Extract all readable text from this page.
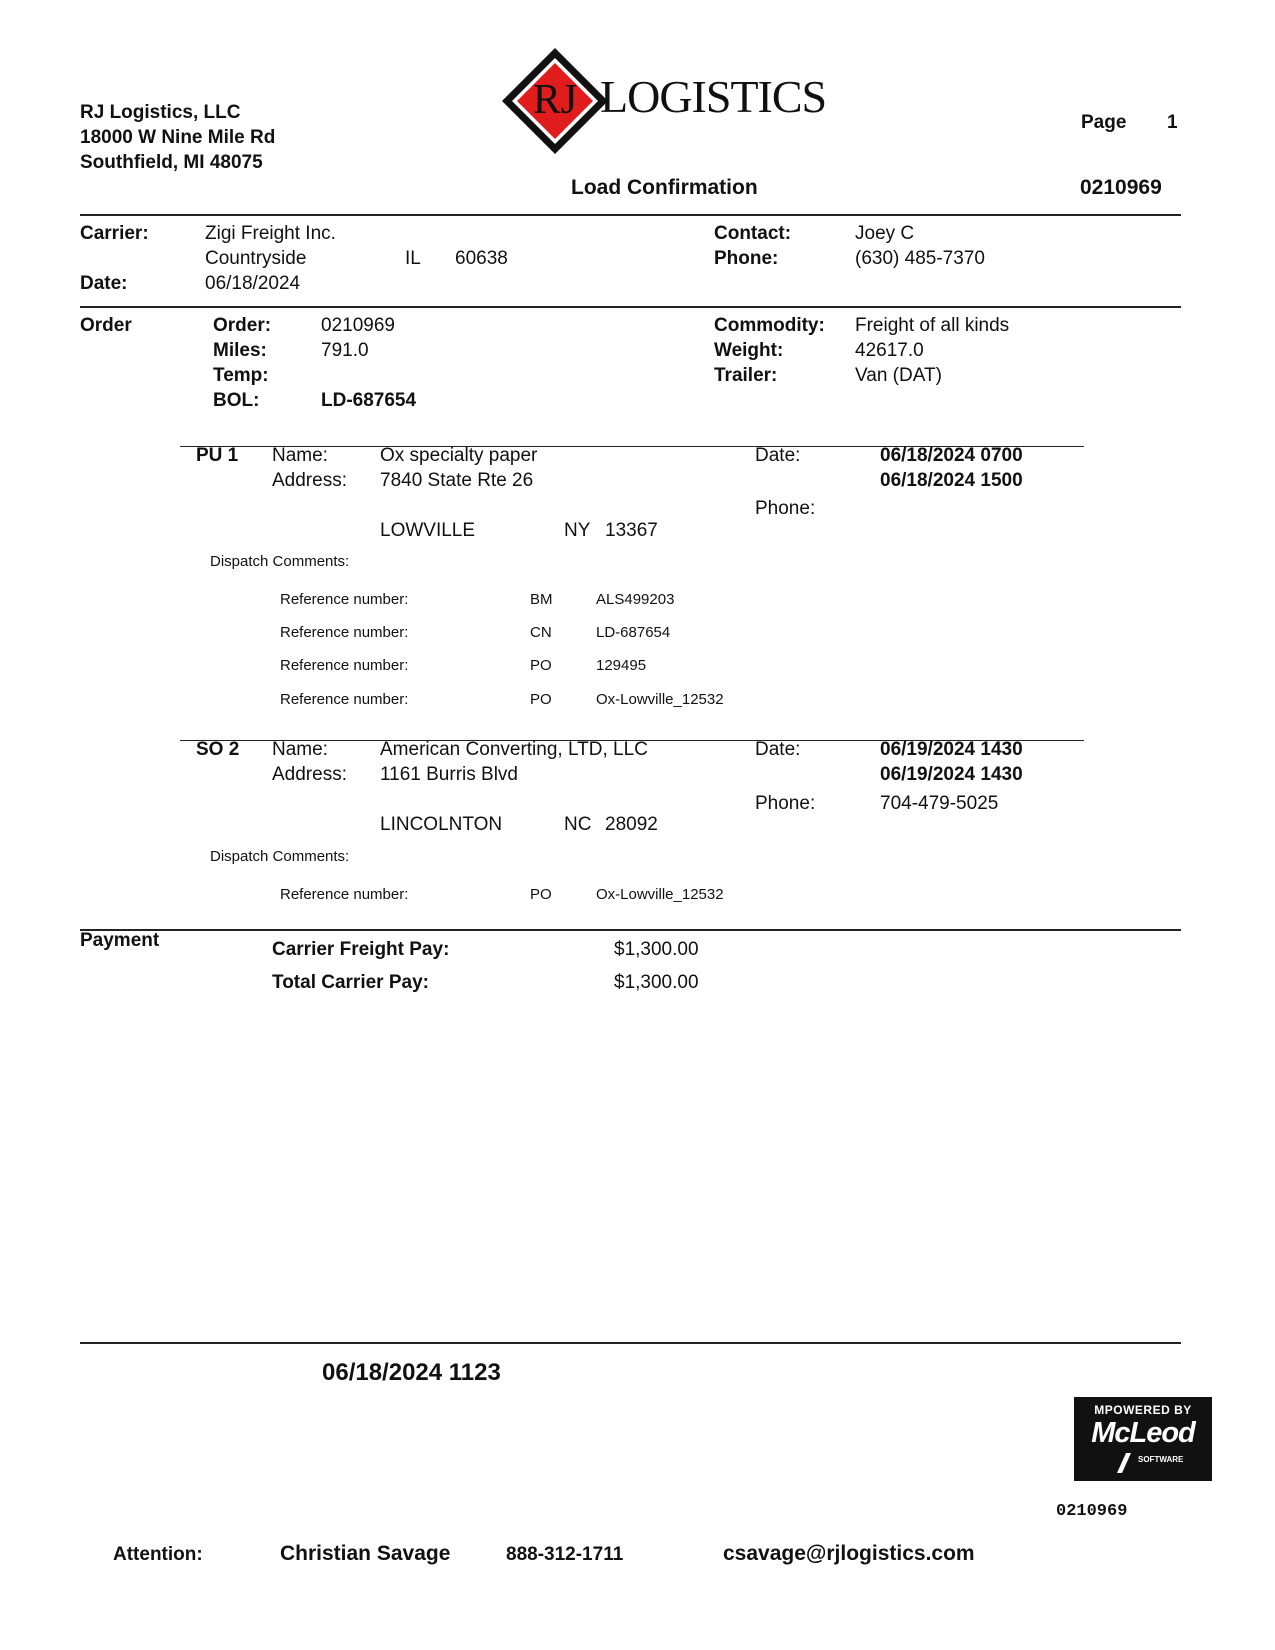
RJ Logistics, LLC
18000 W Nine Mile Rd
Southfield, MI 48075
RJ LOGISTICS
Page 1
Load Confirmation	0210969
Carrier:	Zigi Freight Inc.
Countryside	IL 60638
Date:	06/18/2024
Contact:	Joey C
Phone:	(630) 485-7370
Order	Order:	0210969
Miles:	791.0
Temp:
BOL:	LD-687654
Commodity: Freight of all kinds
Weight:	42617.0
Trailer:	Van (DAT)
PU 1 Name:	Ox specialty paper
Address: 7840 State Rte 26
LOWVILLE	NY 13367
Date:	06/18/2024 0700
06/18/2024 1500
Phone:
Dispatch Comments:
Reference number:	BM	ALS499203
Reference number:	CN	LD-687654
Reference number:	PO	129495
Reference number:	PO	Ox-Lowville_12532
SO 2 Name:	American Converting, LTD, LLC
Address: 1161 Burris Blvd
LINCOLNTON	NC 28092
Date:	06/19/2024 1430
06/19/2024 1430
Phone:	704-479-5025
Dispatch Comments:
Reference number:	PO	Ox-Lowville_12532
Payment	Carrier Freight Pay:	$1,300.00
Total Carrier Pay:	$1,300.00
06/18/2024 1123
MPOWERED BY
McLeod
SOFTWARE
0210969
Attention:	Christian Savage	888-312-1711	csavage@rjlogistics.com
